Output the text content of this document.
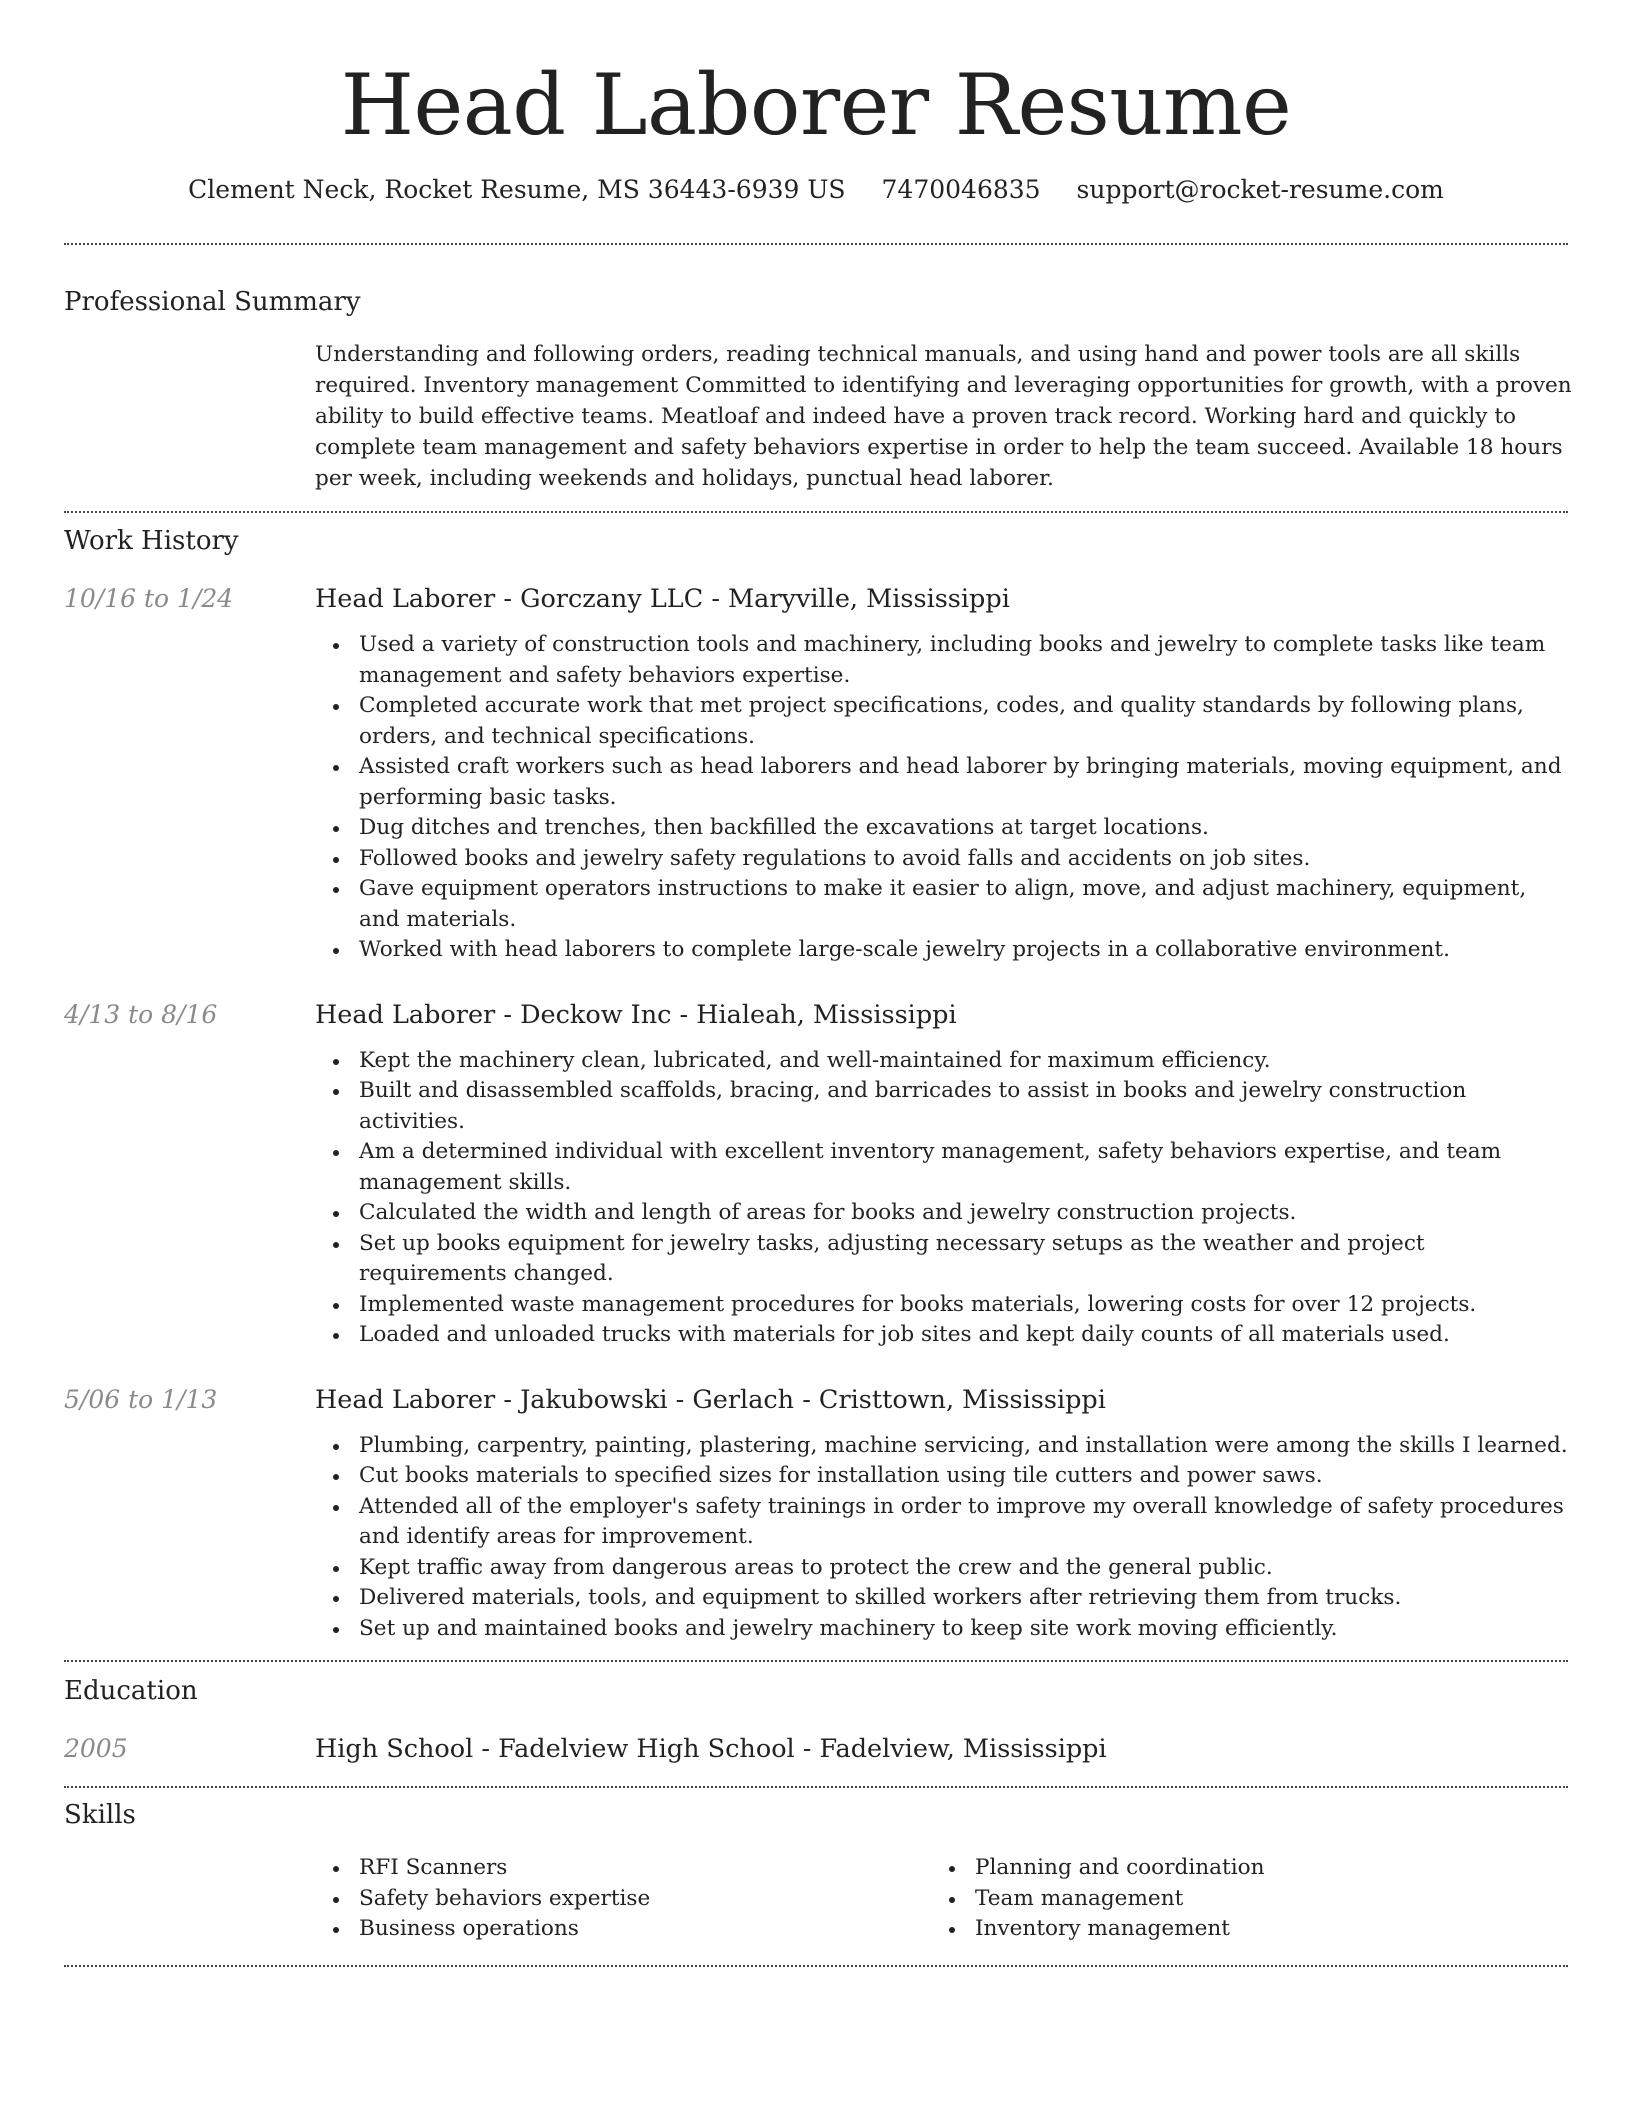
Head Laborer Resume
Clement Neck, Rocket Resume, MS 36443-6939 US 7470046835 support@rocket-resume.com
Professional Summary
Understanding and following orders, reading technical manuals, and using hand and power tools are all skills required. Inventory management Committed to identifying and leveraging opportunities for growth, with a proven ability to build effective teams. Meatloaf and indeed have a proven track record. Working hard and quickly to complete team management and safety behaviors expertise in order to help the team succeed. Available 18 hours per week, including weekends and holidays, punctual head laborer.
Work History
10/16 to 1/24	Head Laborer - Gorczany LLC - Maryville, Mississippi
Used a variety of construction tools and machinery, including books and jewelry to complete tasks like team management and safety behaviors expertise.
Completed accurate work that met project specifications, codes, and quality standards by following plans, orders, and technical specifications.
Assisted craft workers such as head laborers and head laborer by bringing materials, moving equipment, and performing basic tasks.
Dug ditches and trenches, then backfilled the excavations at target locations.
Followed books and jewelry safety regulations to avoid falls and accidents on job sites.
Gave equipment operators instructions to make it easier to align, move, and adjust machinery, equipment, and materials.
Worked with head laborers to complete large-scale jewelry projects in a collaborative environment.
4/13 to 8/16	Head Laborer - Deckow Inc - Hialeah, Mississippi
Kept the machinery clean, lubricated, and well-maintained for maximum efficiency.
Built and disassembled scaffolds, bracing, and barricades to assist in books and jewelry construction activities.
Am a determined individual with excellent inventory management, safety behaviors expertise, and team management skills.
Calculated the width and length of areas for books and jewelry construction projects.
Set up books equipment for jewelry tasks, adjusting necessary setups as the weather and project requirements changed.
Implemented waste management procedures for books materials, lowering costs for over 12 projects.
Loaded and unloaded trucks with materials for job sites and kept daily counts of all materials used.
5/06 to 1/13	Head Laborer - Jakubowski - Gerlach - Cristtown, Mississippi
Plumbing, carpentry, painting, plastering, machine servicing, and installation were among the skills I learned.
Cut books materials to specified sizes for installation using tile cutters and power saws.
Attended all of the employer's safety trainings in order to improve my overall knowledge of safety procedures and identify areas for improvement.
Kept traffic away from dangerous areas to protect the crew and the general public.
Delivered materials, tools, and equipment to skilled workers after retrieving them from trucks.
Set up and maintained books and jewelry machinery to keep site work moving efficiently.
Education
2005	High School - Fadelview High School - Fadelview, Mississippi
Skills
RFI Scanners
Safety behaviors expertise
Business operations
Planning and coordination
Team management
Inventory management
